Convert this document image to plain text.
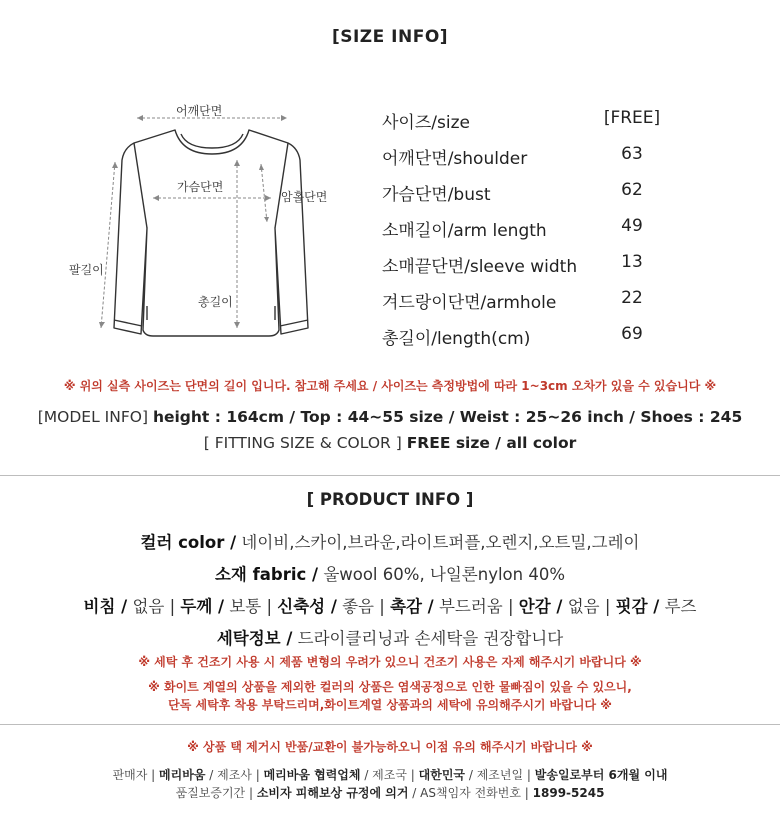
[SIZE INFO]
어깨단면
가슴단면
암홀단면
팔길이
총길이
사이즈/size	[FREE]
어깨단면/shoulder	63
가슴단면/bust	62
소매길이/arm length	49
소매끝단면/sleeve width	13
겨드랑이단면/armhole	22
총길이/length(cm)	69
※ 위의 실측 사이즈는 단면의 길이 입니다. 참고해 주세요 / 사이즈는 측정방법에 따라 1~3cm 오차가 있을 수 있습니다 ※
[MODEL INFO] height : 164cm / Top : 44~55 size / Weist : 25~26 inch / Shoes : 245
[ FITTING SIZE & COLOR ] FREE size / all color
[ PRODUCT INFO ]
컬러 color / 네이비,스카이,브라운,라이트퍼플,오렌지,오트밀,그레이
소재 fabric / 울wool 60%, 나일론nylon 40%
비침 / 없음 | 두께 / 보통 | 신축성 / 좋음 | 촉감 / 부드러움 | 안감 / 없음 | 핏감 / 루즈
세탁정보 / 드라이클리닝과 손세탁을 권장합니다
※ 세탁 후 건조기 사용 시 제품 변형의 우려가 있으니 건조기 사용은 자제 해주시기 바랍니다 ※
※ 화이트 계열의 상품을 제외한 컬러의 상품은 염색공정으로 인한 물빠짐이 있을 수 있으니,
단독 세탁후 착용 부탁드리며,화이트계열 상품과의 세탁에 유의해주시기 바랍니다 ※
※ 상품 택 제거시 반품/교환이 불가능하오니 이점 유의 해주시기 바랍니다 ※
판매자 | 메리바움 / 제조사 | 메리바움 협력업체 / 제조국 | 대한민국 / 제조년일 | 발송일로부터 6개월 이내
품질보증기간 | 소비자 피해보상 규정에 의거 / AS책임자 전화번호 | 1899-5245
